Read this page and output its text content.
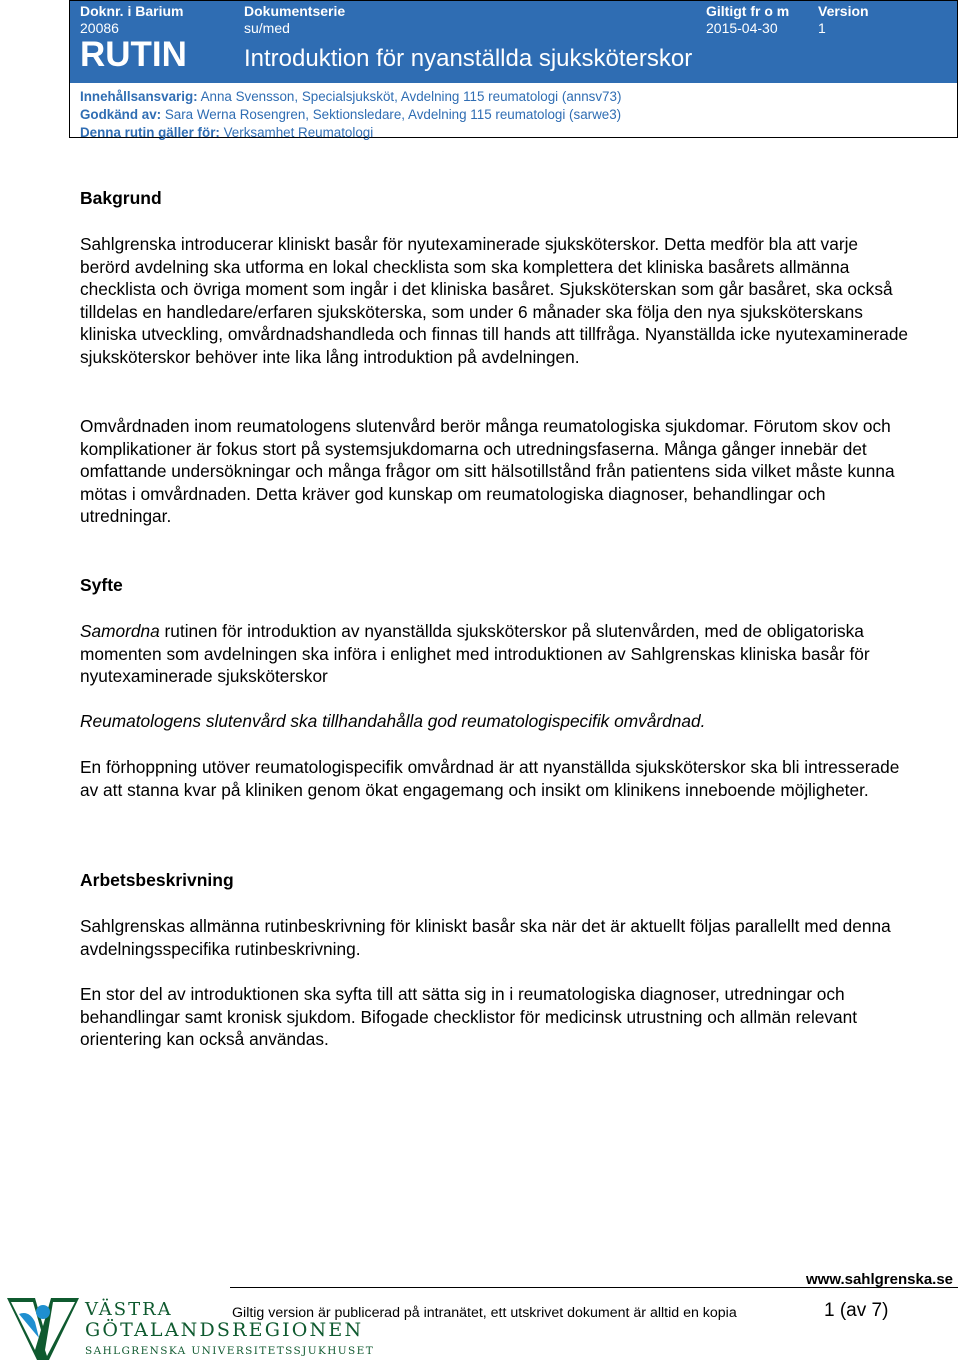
Doknr. i Barium
20086
Dokumentserie
su/med
Giltigt fr o m
2015-04-30
Version
1
RUTIN Introduktion för nyanställda sjuksköterskor
Innehållsansvarig: Anna Svensson, Specialsjuksköt, Avdelning 115 reumatologi (annsv73)
Godkänd av: Sara Werna Rosengren, Sektionsledare, Avdelning 115 reumatologi (sarwe3)
Denna rutin gäller för: Verksamhet Reumatologi
Bakgrund

Sahlgrenska introducerar kliniskt basår för nyutexaminerade sjuksköterskor. Detta medför bla att varje berörd avdelning ska utforma en lokal checklista som ska komplettera det kliniska basårets allmänna checklista och övriga moment som ingår i det kliniska basåret. Sjuksköterskan som går basåret, ska också tilldelas en handledare/erfaren sjuksköterska, som under 6 månader ska följa den nya sjuksköterskans kliniska utveckling, omvårdnadshandleda och finnas till hands att tillfråga. Nyanställda icke nyutexaminerade sjuksköterskor behöver inte lika lång introduktion på avdelningen.

Omvårdnaden inom reumatologens slutenvård berör många reumatologiska sjukdomar. Förutom skov och komplikationer är fokus stort på systemsjukdomarna och utredningsfaserna. Många gånger innebär det omfattande undersökningar och många frågor om sitt hälsotillstånd från patientens sida vilket måste kunna mötas i omvårdnaden. Detta kräver god kunskap om reumatologiska diagnoser, behandlingar och utredningar.

Syfte

Samordna rutinen för introduktion av nyanställda sjuksköterskor på slutenvården, med de obligatoriska momenten som avdelningen ska införa i enlighet med introduktionen av Sahlgrenskas kliniska basår för nyutexaminerade sjuksköterskor

Reumatologens slutenvård ska tillhandahålla god reumatologispecifik omvårdnad.

En förhoppning utöver reumatologispecifik omvårdnad är att nyanställda sjuksköterskor ska bli intresserade av att stanna kvar på kliniken genom ökat engagemang och insikt om klinikens inneboende möjligheter.

Arbetsbeskrivning

Sahlgrenskas allmänna rutinbeskrivning för kliniskt basår ska när det är aktuellt följas parallellt med denna avdelningsspecifika rutinbeskrivning.

En stor del av introduktionen ska syfta till att sätta sig in i reumatologiska diagnoser, utredningar och behandlingar samt kronisk sjukdom. Bifogade checklistor för medicinsk utrustning och allmän relevant orientering kan också användas.

www.sahlgrenska.se
Giltig version är publicerad på intranätet, ett utskrivet dokument är alltid en kopia	1 (av 7)
VÄSTRA
GÖTALANDSREGIONEN
SAHLGRENSKA UNIVERSITETSSJUKHUSET
